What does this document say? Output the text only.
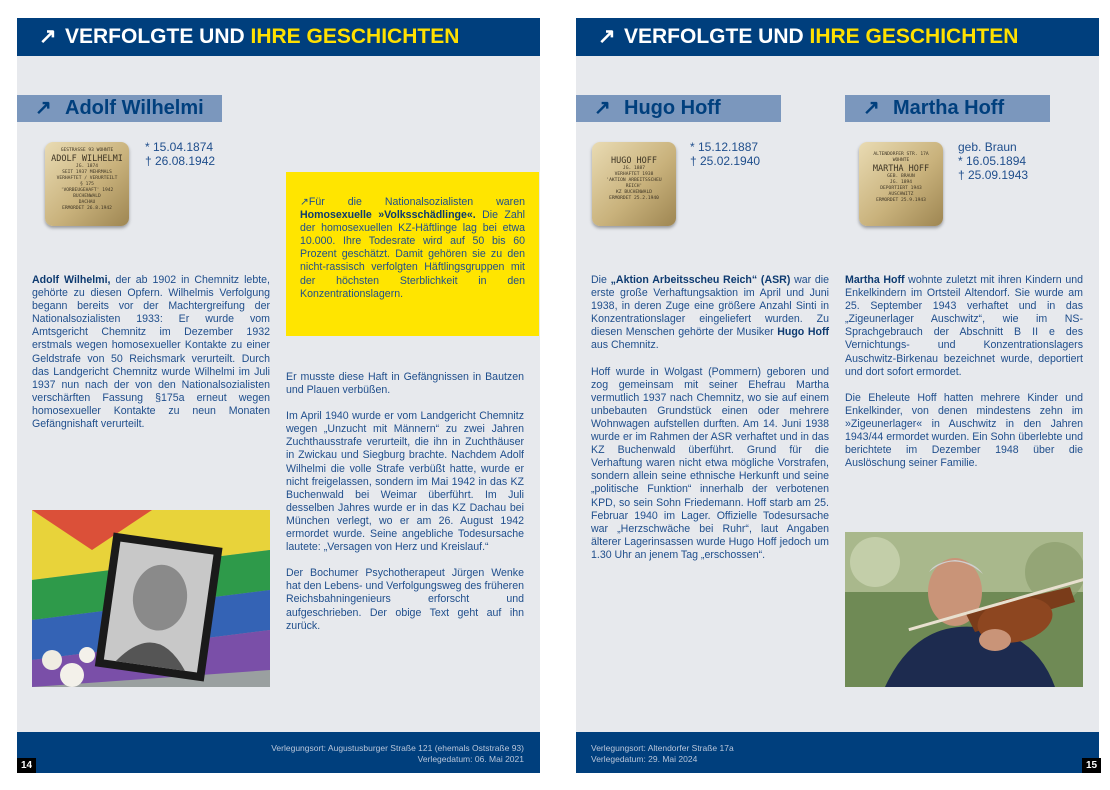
↗ VERFOLGTE UND IHRE GESCHICHTEN
↗ Adolf Wilhelmi
GESTRASSE 93 WOHNTE
ADOLF WILHELMI
JG. 1874
SEIT 1937 MEHRMALS
VERHAFTET / VERURTEILT
§ 175
'VORBEUGEHAFT' 1942
BUCHENWALD
DACHAU
ERMORDET 26.8.1942
* 15.04.1874
† 26.08.1942
↗Für die Nationalsozialisten waren Homosexuelle »Volksschädlinge«. Die Zahl der homosexuellen KZ-Häftlinge lag bei etwa 10.000. Ihre Todesrate wird auf 50 bis 60 Prozent geschätzt. Damit gehören sie zu den nicht-rassisch verfolgten Häftlingsgruppen mit der höchsten Sterblichkeit in den Konzentrationslagern.

Adolf Wilhelmi, der ab 1902 in Chemnitz lebte, gehörte zu diesen Opfern. Wilhelmis Verfolgung begann bereits vor der Machtergreifung der Nationalsozialisten 1933: Er wurde vom Amtsgericht Chemnitz im Dezember 1932 erstmals wegen homosexueller Kontakte zu einer Geldstrafe von 50 Reichsmark verurteilt. Durch das Landgericht Chemnitz wurde Wilhelmi im Juli 1937 nun nach der von den Nationalsozialisten verschärften Fassung §175a erneut wegen homosexueller Kontakte zu neun Monaten Gefängnishaft verurteilt.

Er musste diese Haft in Gefängnissen in Bautzen und Plauen verbüßen.

Im April 1940 wurde er vom Landgericht Chemnitz wegen „Unzucht mit Männern“ zu zwei Jahren Zuchthausstrafe verurteilt, die ihn in Zuchthäuser in Zwickau und Siegburg brachte. Nachdem Adolf Wilhelmi die volle Strafe verbüßt hatte, wurde er nicht freigelassen, sondern im Mai 1942 in das KZ Buchenwald bei Weimar überführt. Im Juli desselben Jahres wurde er in das KZ Dachau bei München verlegt, wo er am 26. August 1942 ermordet wurde. Seine angebliche Todesursache lautete: „Versagen von Herz und Kreislauf.“

Der Bochumer Psychotherapeut Jürgen Wenke hat den Lebens- und Verfolgungsweg des früheren Reichsbahningenieurs erforscht und aufgeschrieben. Der obige Text geht auf ihn zurück.

Verlegungsort: Augustusburger Straße 121 (ehemals Oststraße 93)
Verlegedatum: 06. Mai 2021
14
↗ VERFOLGTE UND IHRE GESCHICHTEN
↗ Hugo Hoff	↗ Martha Hoff
HUGO HOFF
JG. 1887
VERHAFTET 1938
'AKTION ARBEITSSCHEU
REICH'
KZ BUCHENWALD
ERMORDET 25.2.1940
* 15.12.1887
† 25.02.1940	ALTENDORFER STR. 17A
WOHNTE
MARTHA HOFF
GEB. BRAUN
JG. 1894
DEPORTIERT 1943
AUSCHWITZ
ERMORDET 25.9.1943
geb. Braun
* 16.05.1894
† 25.09.1943

Die „Aktion Arbeitsscheu Reich“ (ASR) war die erste große Verhaftungsaktion im April und Juni 1938, in deren Zuge eine größere Anzahl Sinti in Konzentrationslager eingeliefert wurden. Zu diesen Menschen gehörte der Musiker Hugo Hoff aus Chemnitz.

Hoff wurde in Wolgast (Pommern) geboren und zog gemeinsam mit seiner Ehefrau Martha vermutlich 1937 nach Chemnitz, wo sie auf einem unbebauten Grundstück einen oder mehrere Wohnwagen aufstellen durften. Am 14. Juni 1938 wurde er im Rahmen der ASR verhaftet und in das KZ Buchenwald überführt. Grund für die Verhaftung waren nicht etwa mögliche Vorstrafen, sondern allein seine ethnische Herkunft und seine „politische Funktion“ innerhalb der verbotenen KPD, so sein Sohn Friedemann. Hoff starb am 25. Februar 1940 im Lager. Offizielle Todesursache war „Herzschwäche bei Ruhr“, laut Angaben älterer Lagerinsassen wurde Hugo Hoff jedoch um 1.30 Uhr an jenem Tag „erschossen“.

Martha Hoff wohnte zuletzt mit ihren Kindern und Enkelkindern im Ortsteil Altendorf. Sie wurde am 25. September 1943 verhaftet und in das „Zigeunerlager Auschwitz“, wie im NS-Sprachgebrauch der Abschnitt B II e des Vernichtungs- und Konzentrationslagers Auschwitz-Birkenau bezeichnet wurde, deportiert und dort sofort ermordet.

Die Eheleute Hoff hatten mehrere Kinder und Enkelkinder, von denen mindestens zehn im »Zigeunerlager« in Auschwitz in den Jahren 1943/44 ermordet wurden. Ein Sohn überlebte und berichtete im Dezember 1948 über die Auslöschung seiner Familie.

Verlegungsort: Altendorfer Straße 17a
Verlegedatum: 29. Mai 2024
15
